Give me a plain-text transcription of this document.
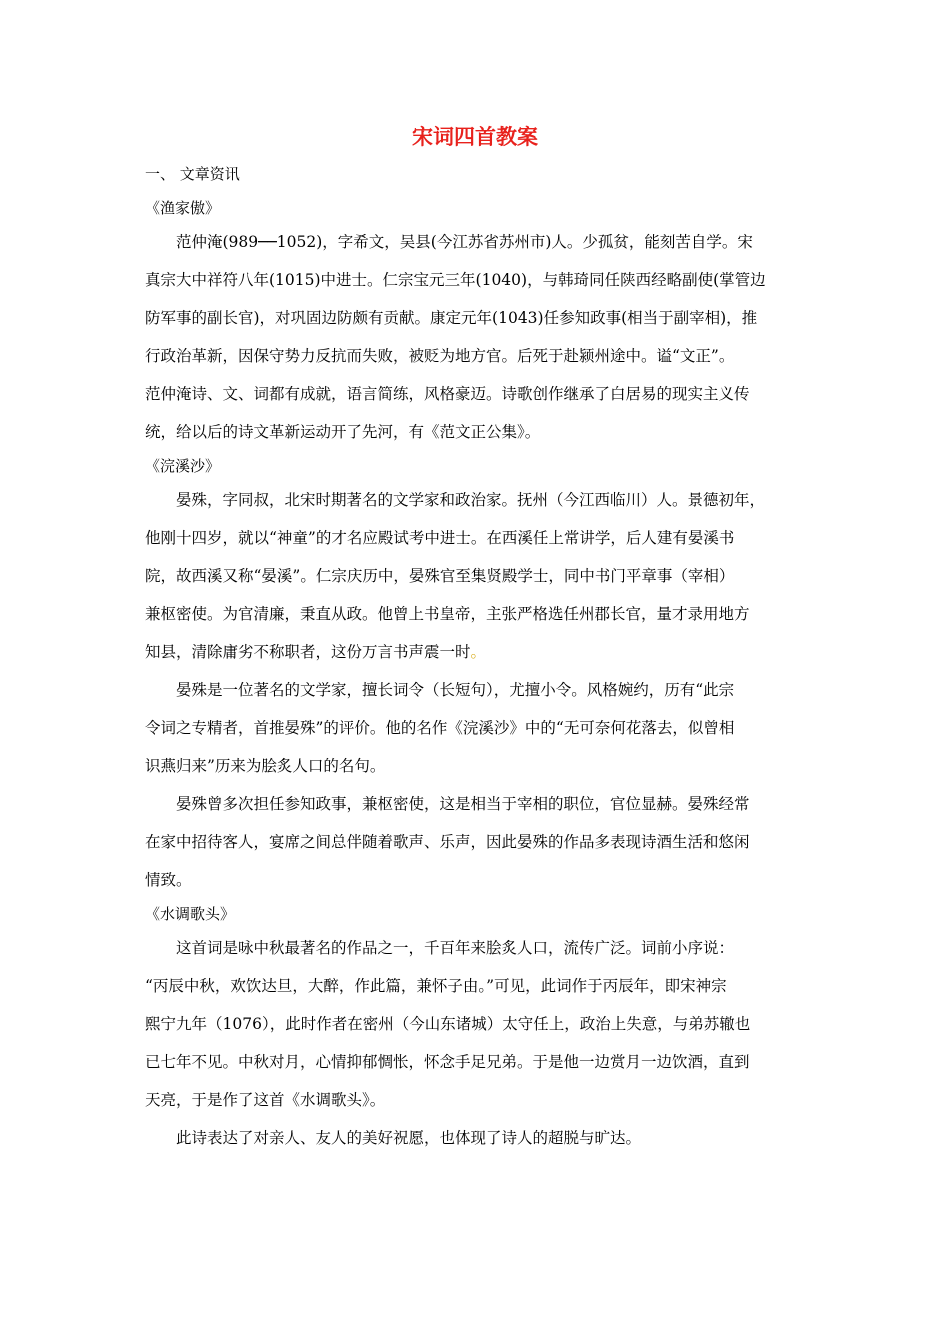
宋词四首教案
一、 文章资讯
《渔家傲》
范仲淹(989──1052)，字希文，吴县(今江苏省苏州市)人。少孤贫，能刻苦自学。宋
真宗大中祥符八年(1015)中进士。仁宗宝元三年(1040)，与韩琦同任陕西经略副使(掌管边
防军事的副长官)，对巩固边防颇有贡献。康定元年(1043)任参知政事(相当于副宰相)，推
行政治革新，因保守势力反抗而失败，被贬为地方官。后死于赴颍州途中。谥“文正”。
范仲淹诗、文、词都有成就，语言简练，风格豪迈。诗歌创作继承了白居易的现实主义传
统，给以后的诗文革新运动开了先河，有《范文正公集》。
《浣溪沙》
晏殊，字同叔，北宋时期著名的文学家和政治家。抚州（今江西临川）人。景德初年，
他刚十四岁，就以“神童”的才名应殿试考中进士。在西溪任上常讲学，后人建有晏溪书
院，故西溪又称“晏溪”。仁宗庆历中，晏殊官至集贤殿学士，同中书门平章事（宰相）
兼枢密使。为官清廉，秉直从政。他曾上书皇帝，主张严格选任州郡长官，量才录用地方
知县，清除庸劣不称职者，这份万言书声震一时。
晏殊是一位著名的文学家，擅长词令（长短句），尤擅小令。风格婉约，历有“此宗
令词之专精者，首推晏殊”的评价。他的名作《浣溪沙》中的“无可奈何花落去，似曾相
识燕归来”历来为脍炙人口的名句。
晏殊曾多次担任参知政事，兼枢密使，这是相当于宰相的职位，官位显赫。晏殊经常
在家中招待客人，宴席之间总伴随着歌声、乐声，因此晏殊的作品多表现诗酒生活和悠闲
情致。
《水调歌头》
这首词是咏中秋最著名的作品之一，千百年来脍炙人口，流传广泛。词前小序说：
“丙辰中秋，欢饮达旦，大醉，作此篇，兼怀子由。”可见，此词作于丙辰年，即宋神宗
熙宁九年（1076），此时作者在密州（今山东诸城）太守任上，政治上失意，与弟苏辙也
已七年不见。中秋对月，心情抑郁惆怅，怀念手足兄弟。于是他一边赏月一边饮酒，直到
天亮，于是作了这首《水调歌头》。
此诗表达了对亲人、友人的美好祝愿，也体现了诗人的超脱与旷达。
